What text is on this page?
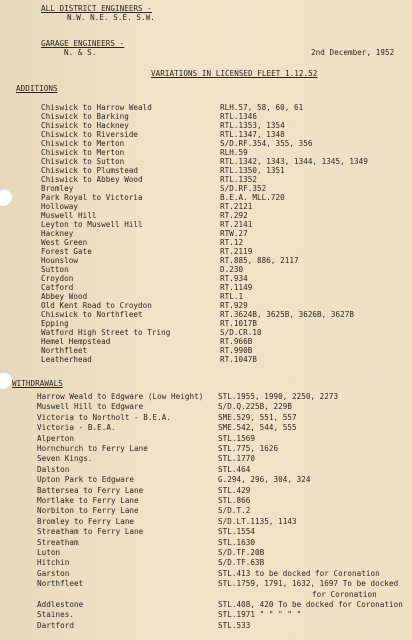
ALL DISTRICT ENGINEERS -
N.W. N.E. S.E. S.W.
GARAGE ENGINEERS -
N. & S.	2nd December, 1952
VARIATIONS IN LICENSED FLEET 1.12.52
ADDITIONS
Chiswick to Harrow Weald	RLH.57, 58, 60, 61
Chiswick to Barking	RTL.1346
Chiswick to Hackney	RTL.1353, 1354
Chiswick to Riverside	RTL.1347, 1348
Chiswick to Merton	S/D.RF.354, 355, 356
Chiswick to Merton	RLH.59
Chiswick to Sutton	RTL.1342, 1343, 1344, 1345, 1349
Chiswick to Plumstead	RTL.1350, 1351
Chiswick to Abbey Wood	RTL.1352
Bromley	S/D.RF.352
Park Royal to Victoria	B.E.A. MLL.720
Holloway	RT.2121
Muswell Hill	RT.292
Leyton to Muswell Hill	RT.2141
Hackney	RTW.27
West Green	RT.12
Forest Gate	RT.2119
Hounslow	RT.885, 886, 2117
Sutton	D.230
Croydon	RT.934
Catford	RT.1149
Abbey Wood	RTL.1
Old Kent Road to Croydon	RT.929
Chiswick to Northfleet	RT.3624B, 3625B, 3626B, 3627B
Epping	RT.1017B
Watford High Street to Tring	S/D.CR.10
Hemel Hempstead	RT.966B
Northfleet	RT.990B
Leatherhead	RT.1047B
WITHDRAWALS
Harrow Weald to Edgware (Low Height) STL.1955, 1990, 2250, 2273
Muswell Hill to Edgware	S/D.Q.225B, 229B
Victoria to Northolt - B.E.A.	SME.529, 551, 557
Victoria - B.E.A.	SME.542, 544, 555
Alperton	STL.1569
Hornchurch to Ferry Lane	STL.775, 1626
Seven Kings.	STL.1770
Dalston	STL.464
Upton Park to Edgware	G.294, 296, 304, 324
Battersea to Ferry Lane	STL.429
Mortlake to Ferry Lane	STL.866
Norbiton to Ferry Lane	S/D.T.2
Bromley to Ferry Lane	S/D.LT.1135, 1143
Streatham to Ferry Lane	STL.1554
Streatham	STL.1630
Luton	S/D.TF.20B
Hitchin	S/D.TF.63B
Garston	STL.413 to be docked for Coronation
Northfleet	STL.1759, 1791, 1632, 1697 To be docked
for Coronation
Addlestone	STL.408, 420 To be docked for Coronation
Staines.	STL.1971 " " " " "
Dartford	STL.533
